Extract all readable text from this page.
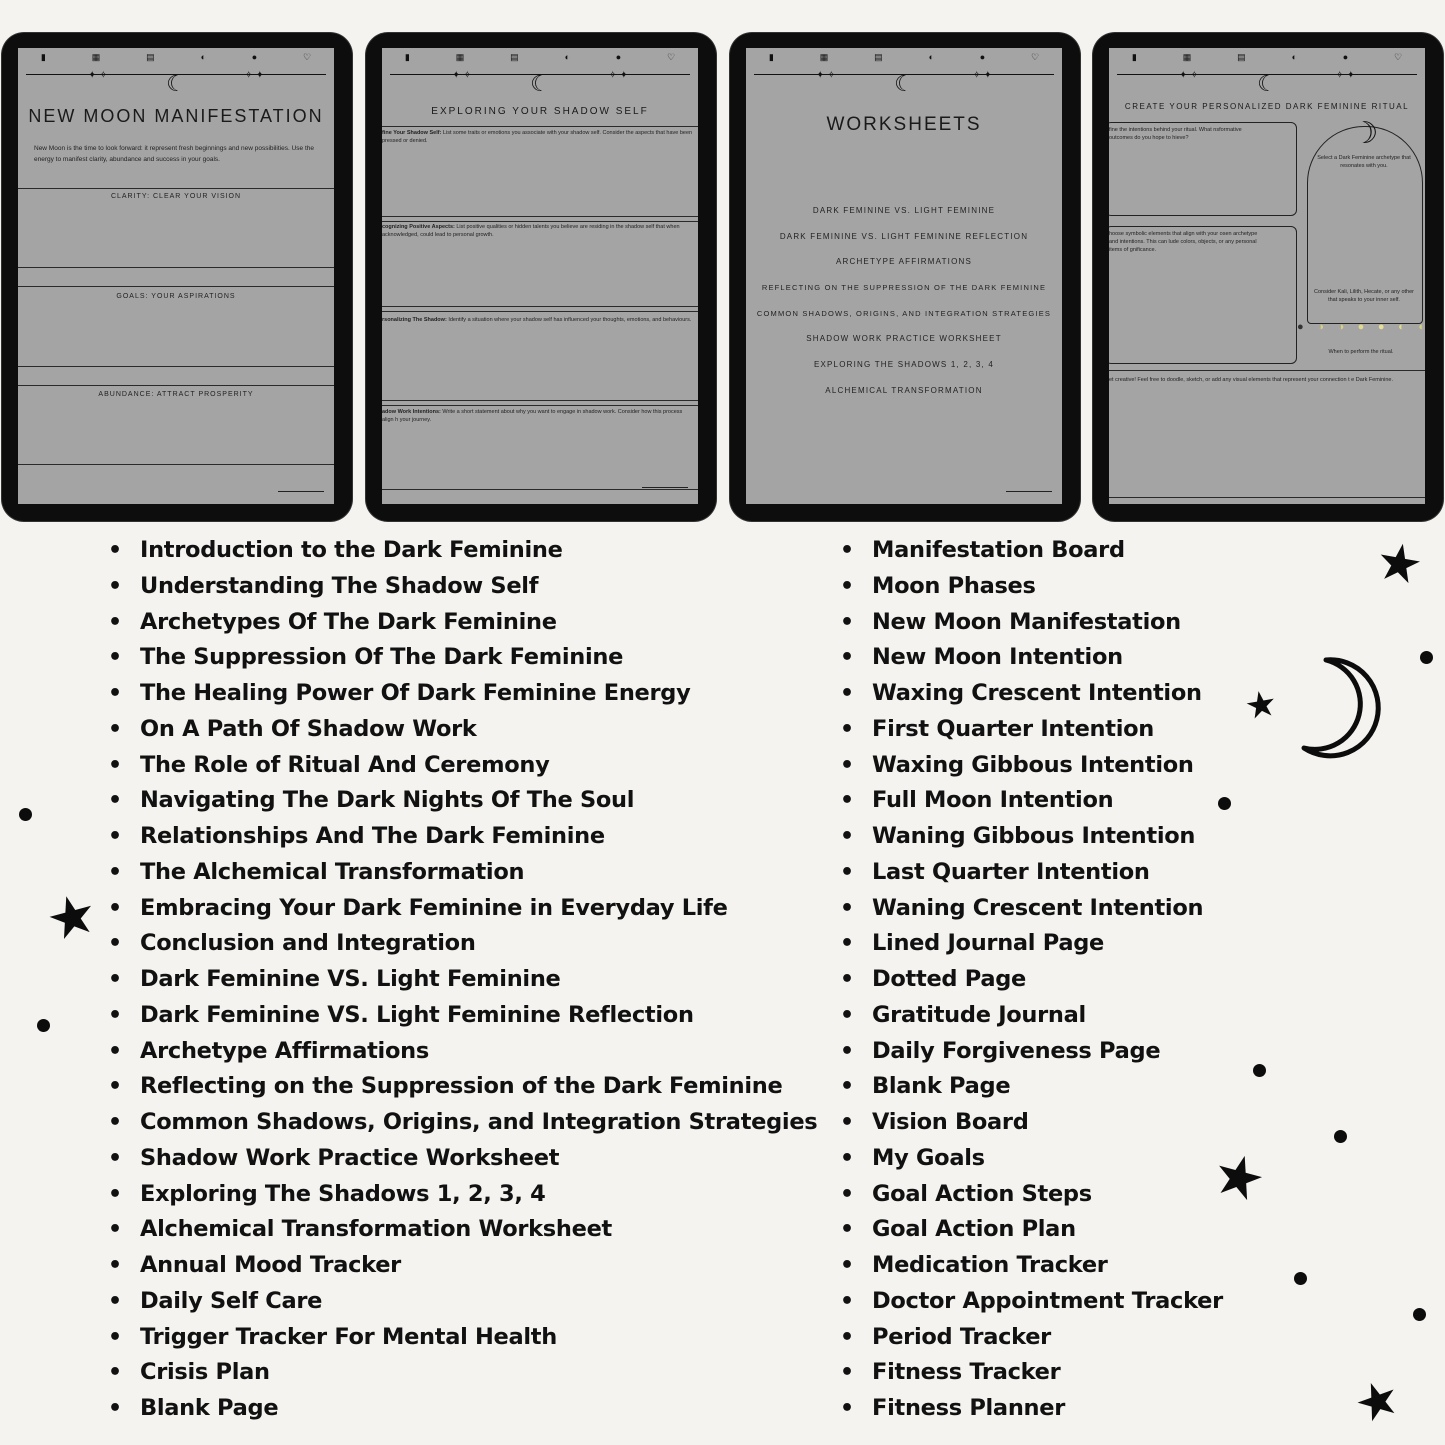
▮	▦	▤	◐	●	♡
☾
✦ ✧	✧ ✦
NEW MOON MANIFESTATION
New Moon is the time to look forward: it represent fresh beginnings and new possibilities. Use the energy to manifest clarity, abundance and success in your goals.
CLARITY: CLEAR YOUR VISION
GOALS: YOUR ASPIRATIONS
ABUNDANCE: ATTRACT PROSPERITY
▮	▦	▤	◐	●	♡
☾
✦ ✧	✧ ✦
EXPLORING YOUR SHADOW SELF
fine Your Shadow Self: List some traits or emotions you associate with your shadow self. Consider the aspects that have been pressed or denied.
cognizing Positive Aspects: List positive qualities or hidden talents you believe are residing in the shadow self that when acknowledged, could lead to personal growth.
rsonalizing The Shadow: Identify a situation where your shadow self has influenced your thoughts, emotions, and behaviours.
adow Work Intentions: Write a short statement about why you want to engage in shadow work. Consider how this process align h your journey.
▮	▦	▤	◐	●	♡
☾
✦ ✧	✧ ✦
WORKSHEETS
DARK FEMININE VS. LIGHT FEMININE
DARK FEMININE VS. LIGHT FEMININE REFLECTION
ARCHETYPE AFFIRMATIONS
REFLECTING ON THE SUPPRESSION OF THE DARK FEMININE
COMMON SHADOWS, ORIGINS, AND INTEGRATION STRATEGIES
SHADOW WORK PRACTICE WORKSHEET
EXPLORING THE SHADOWS 1, 2, 3, 4
ALCHEMICAL TRANSFORMATION
▮	▦	▤	◐	●	♡
☾
✦ ✧	✧ ✦
CREATE YOUR PERSONALIZED DARK FEMININE RITUAL
fine the intentions behind your ritual. What nsformative outcomes do you hope to hieve?
hoose symbolic elements that align with your osen archetype and intentions. This can lude colors, objects, or any personal items of gnificance.
☽
Select a Dark Feminine archetype that resonates with you.
Consider Kali, Lilith, Hecate, or any other that speaks to your inner self.
● ◑ ◑ ● ● ◐ ◐
When to perform the ritual.
et creative! Feel free to doodle, sketch, or add any visual elements that represent your connection t e Dark Feminine.
• Introduction to the Dark Feminine
• Understanding The Shadow Self
• Archetypes Of The Dark Feminine
• The Suppression Of The Dark Feminine
• The Healing Power Of Dark Feminine Energy
• On A Path Of Shadow Work
• The Role of Ritual And Ceremony
• Navigating The Dark Nights Of The Soul
• Relationships And The Dark Feminine
• The Alchemical Transformation
• Embracing Your Dark Feminine in Everyday Life
• Conclusion and Integration
• Dark Feminine VS. Light Feminine
• Dark Feminine VS. Light Feminine Reflection
• Archetype Affirmations
• Reflecting on the Suppression of the Dark Feminine
• Common Shadows, Origins, and Integration Strategies
• Shadow Work Practice Worksheet
• Exploring The Shadows 1, 2, 3, 4
• Alchemical Transformation Worksheet
• Annual Mood Tracker
• Daily Self Care
• Trigger Tracker For Mental Health
• Crisis Plan
• Blank Page
• Manifestation Board
• Moon Phases
• New Moon Manifestation
• New Moon Intention
• Waxing Crescent Intention
• First Quarter Intention
• Waxing Gibbous Intention
• Full Moon Intention
• Waning Gibbous Intention
• Last Quarter Intention
• Waning Crescent Intention
• Lined Journal Page
• Dotted Page
• Gratitude Journal
• Daily Forgiveness Page
• Blank Page
• Vision Board
• My Goals
• Goal Action Steps
• Goal Action Plan
• Medication Tracker
• Doctor Appointment Tracker
• Period Tracker
• Fitness Tracker
• Fitness Planner
★
★
★
★
★
